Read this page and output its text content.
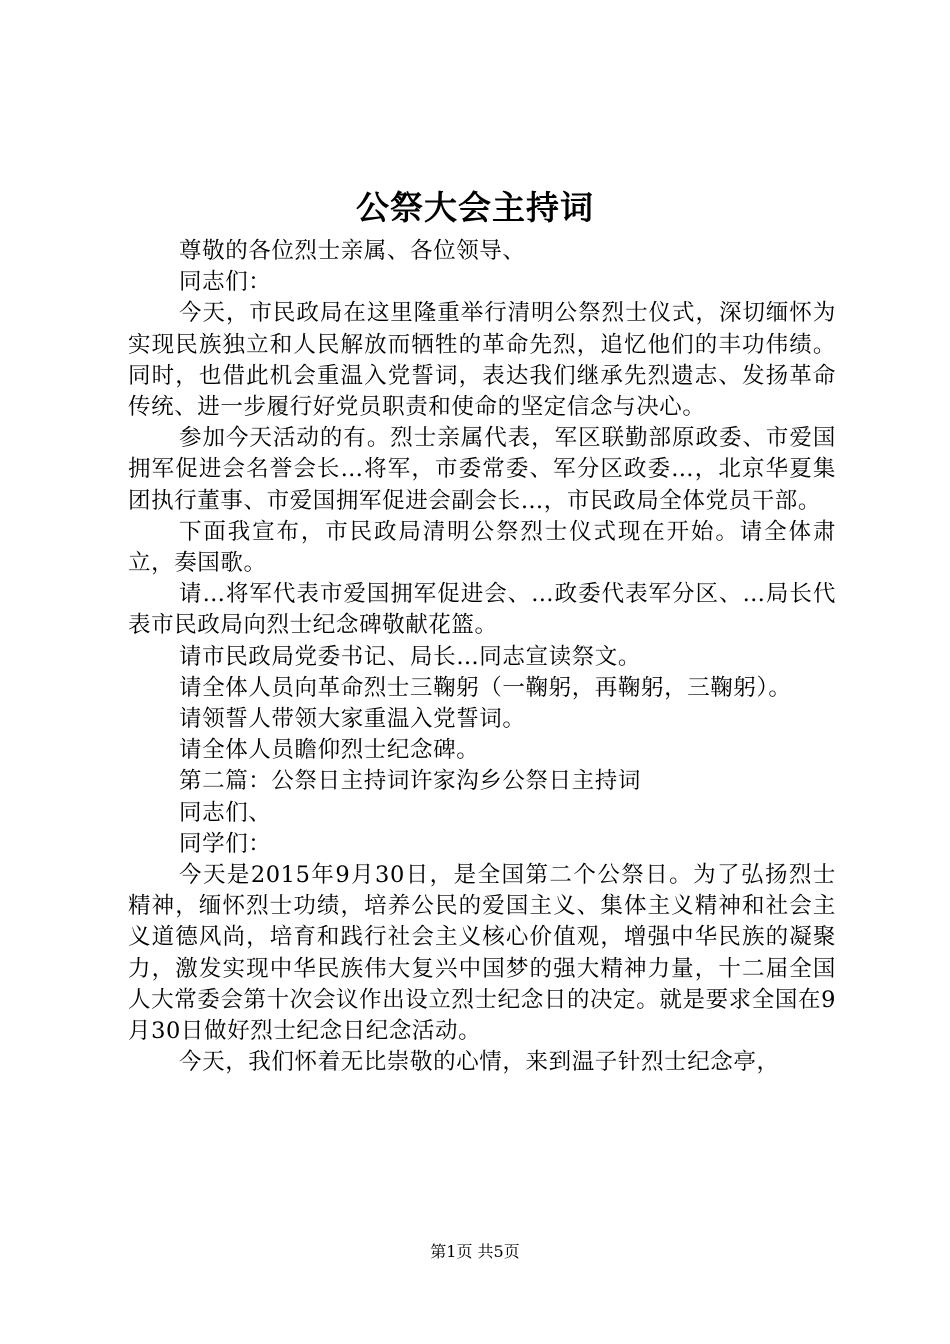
公祭大会主持词

尊敬的各位烈士亲属、各位领导、

同志们：

今天，市民政局在这里隆重举行清明公祭烈士仪式，深切缅怀为实现民族独立和人民解放而牺牲的革命先烈，追忆他们的丰功伟绩。同时，也借此机会重温入党誓词，表达我们继承先烈遗志、发扬革命传统、进一步履行好党员职责和使命的坚定信念与决心。

参加今天活动的有。烈士亲属代表，军区联勤部原政委、市爱国拥军促进会名誉会长…将军，市委常委、军分区政委…，北京华夏集团执行董事、市爱国拥军促进会副会长…，市民政局全体党员干部。

下面我宣布，市民政局清明公祭烈士仪式现在开始。请全体肃立，奏国歌。

请…将军代表市爱国拥军促进会、…政委代表军分区、…局长代表市民政局向烈士纪念碑敬献花篮。

请市民政局党委书记、局长…同志宣读祭文。

请全体人员向革命烈士三鞠躬（一鞠躬，再鞠躬，三鞠躬）。

请领誓人带领大家重温入党誓词。

请全体人员瞻仰烈士纪念碑。

第二篇：公祭日主持词许家沟乡公祭日主持词

同志们、

同学们：

今天是2015年9月30日，是全国第二个公祭日。为了弘扬烈士精神，缅怀烈士功绩，培养公民的爱国主义、集体主义精神和社会主义道德风尚，培育和践行社会主义核心价值观，增强中华民族的凝聚力，激发实现中华民族伟大复兴中国梦的强大精神力量，十二届全国人大常委会第十次会议作出设立烈士纪念日的决定。就是要求全国在9月30日做好烈士纪念日纪念活动。

今天，我们怀着无比崇敬的心情，来到温子针烈士纪念亭，

第1页 共5页
